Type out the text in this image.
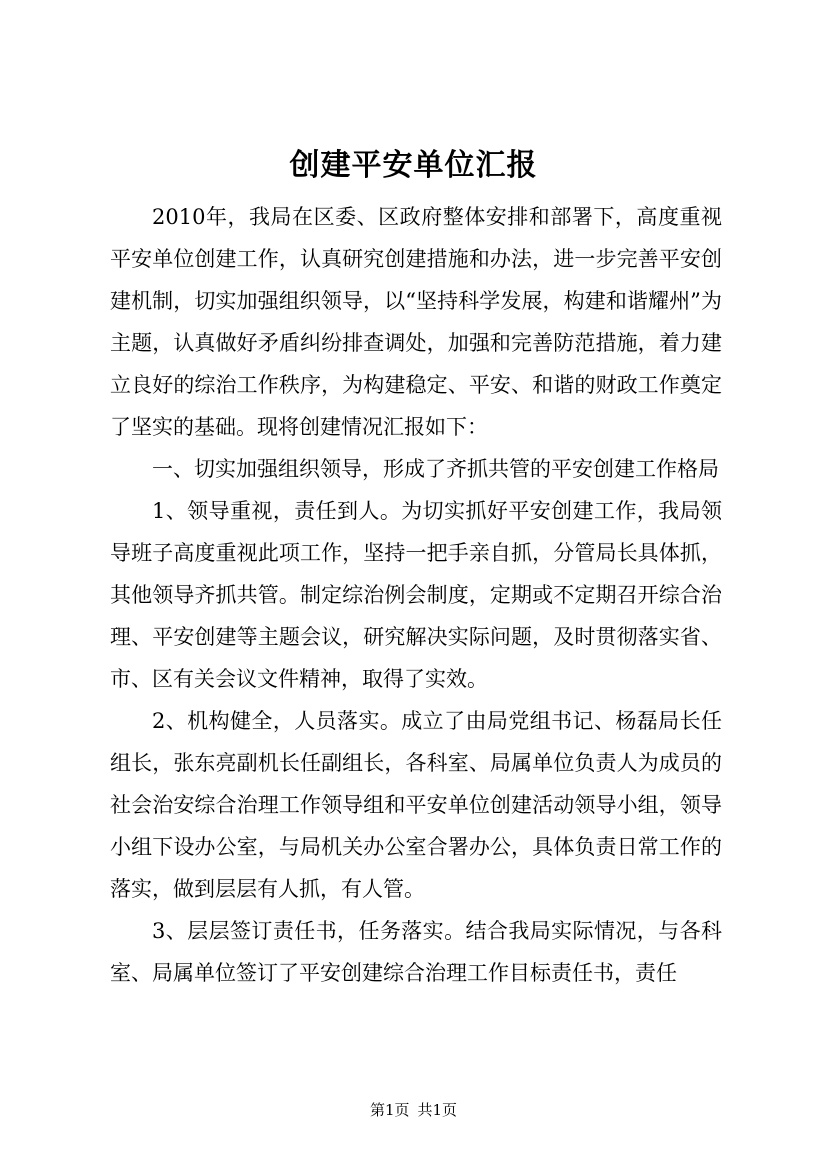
创建平安单位汇报

2010年，我局在区委、区政府整体安排和部署下，高度重视平安单位创建工作，认真研究创建措施和办法，进一步完善平安创建机制，切实加强组织领导，以“坚持科学发展，构建和谐耀州”为主题，认真做好矛盾纠纷排查调处，加强和完善防范措施，着力建立良好的综治工作秩序，为构建稳定、平安、和谐的财政工作奠定了坚实的基础。现将创建情况汇报如下：

一、切实加强组织领导，形成了齐抓共管的平安创建工作格局

1、领导重视，责任到人。为切实抓好平安创建工作，我局领导班子高度重视此项工作，坚持一把手亲自抓，分管局长具体抓，其他领导齐抓共管。制定综治例会制度，定期或不定期召开综合治理、平安创建等主题会议，研究解决实际问题，及时贯彻落实省、市、区有关会议文件精神，取得了实效。

2、机构健全，人员落实。成立了由局党组书记、杨磊局长任组长，张东亮副机长任副组长，各科室、局属单位负责人为成员的社会治安综合治理工作领导组和平安单位创建活动领导小组，领导小组下设办公室，与局机关办公室合署办公，具体负责日常工作的落实，做到层层有人抓，有人管。

3、层层签订责任书，任务落实。结合我局实际情况，与各科室、局属单位签订了平安创建综合治理工作目标责任书，责任

第1页 共1页
